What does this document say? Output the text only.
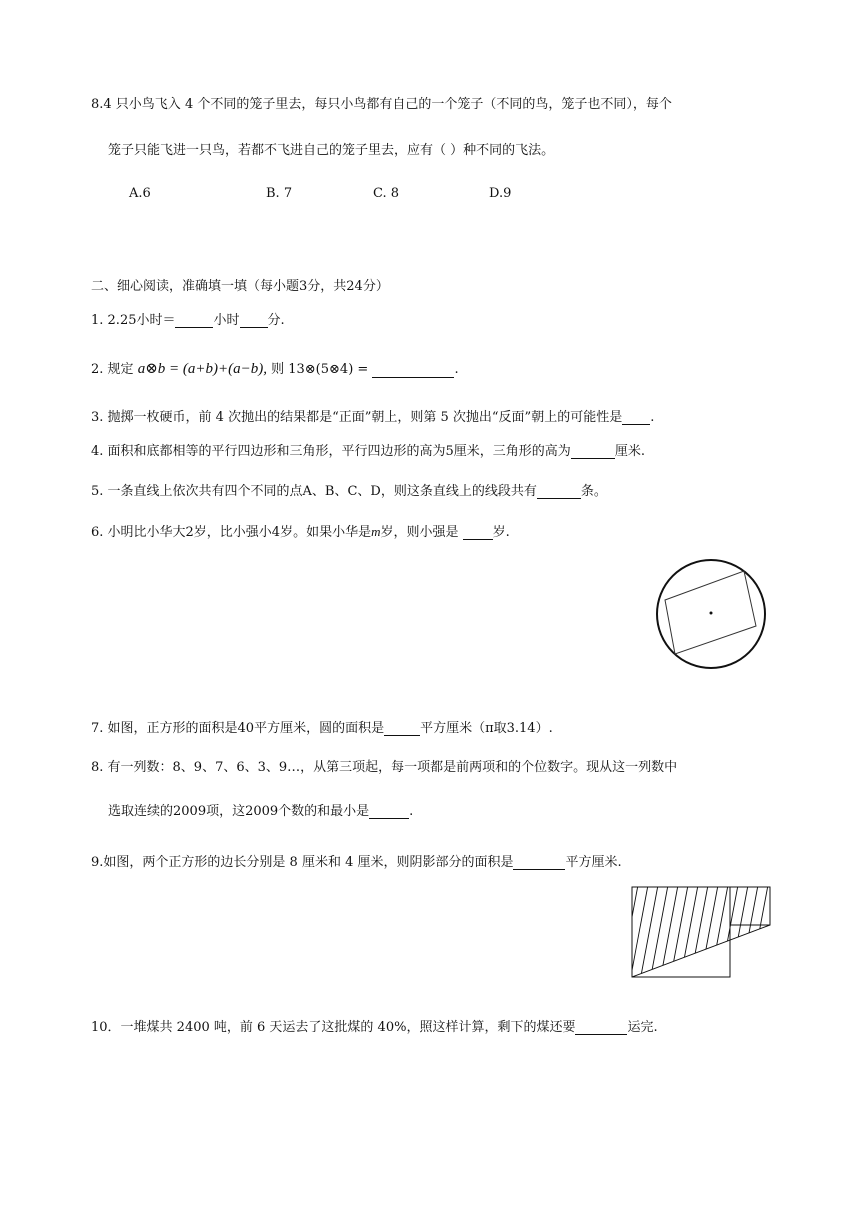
8.4 只小鸟飞入 4 个不同的笼子里去，每只小鸟都有自己的一个笼子（不同的鸟，笼子也不同），每个
笼子只能飞进一只鸟，若都不飞进自己的笼子里去，应有（ ）种不同的飞法。
A.6	B. 7	C. 8	D.9
二、细心阅读，准确填一填（每小题3分，共24分）
1. 2.25小时＝	小时 分.
2. 规定 a⊗b = (a+b)+(a−b), 则 13⊗(5⊗4) =	.
3. 抛掷一枚硬币，前 4 次抛出的结果都是“正面”朝上，则第 5 次抛出“反面”朝上的可能性是 .
4. 面积和底都相等的平行四边形和三角形，平行四边形的高为5厘米，三角形的高为	厘米.
5. 一条直线上依次共有四个不同的点A、B、C、D，则这条直线上的线段共有	条。
6. 小明比小华大2岁，比小强小4岁。如果小华是m岁，则小强是 岁.
7. 如图，正方形的面积是40平方厘米，圆的面积是	平方厘米（π取3.14）.
8. 有一列数：8、9、7、6、3、9…，从第三项起，每一项都是前两项和的个位数字。现从这一列数中
选取连续的2009项，这2009个数的和最小是	.
9.如图，两个正方形的边长分别是 8 厘米和 4 厘米，则阴影部分的面积是	平方厘米.
10．一堆煤共 2400 吨，前 6 天运去了这批煤的 40%，照这样计算，剩下的煤还要	运完.
